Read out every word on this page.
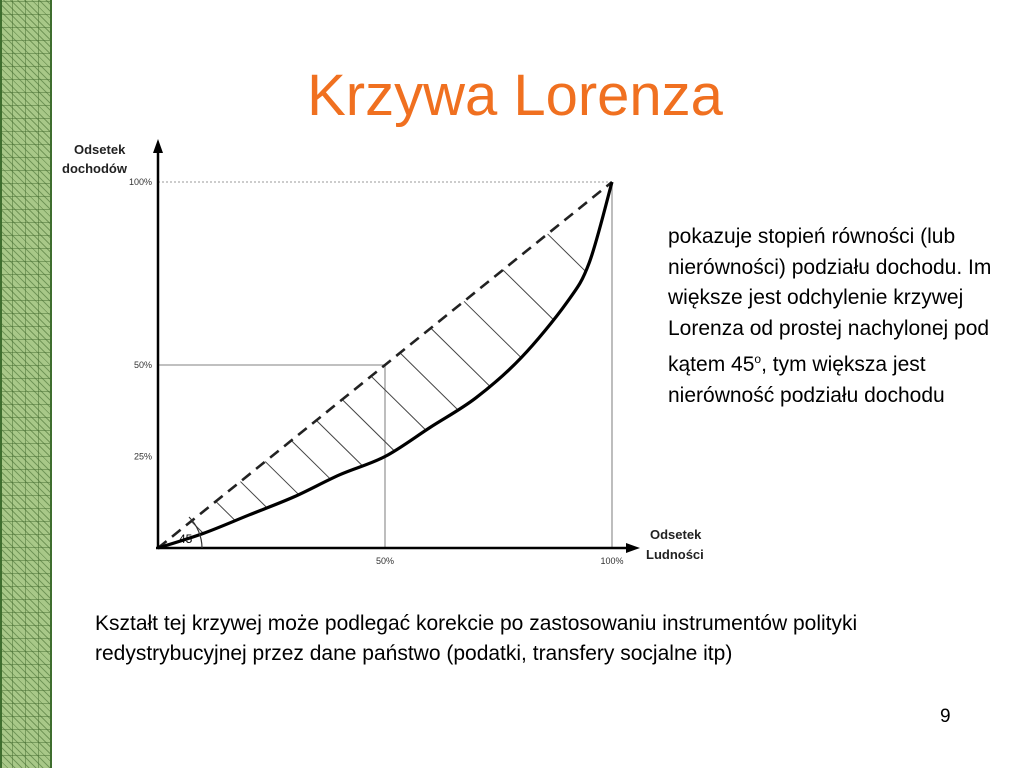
Krzywa Lorenza
45
50%	100%
25%
50%
100%
Odsetek dochodów
Odsetek Ludności
pokazuje stopień równości (lub nierówności) podziału dochodu. Im większe jest odchylenie krzywej Lorenza od prostej nachylonej pod kątem 45$^o$, tym większa jest nierówność podziału dochodu
Kształt tej krzywej może podlegać korekcie po zastosowaniu instrumentów polityki redystrybucyjnej przez dane państwo (podatki, transfery socjalne itp)
9
